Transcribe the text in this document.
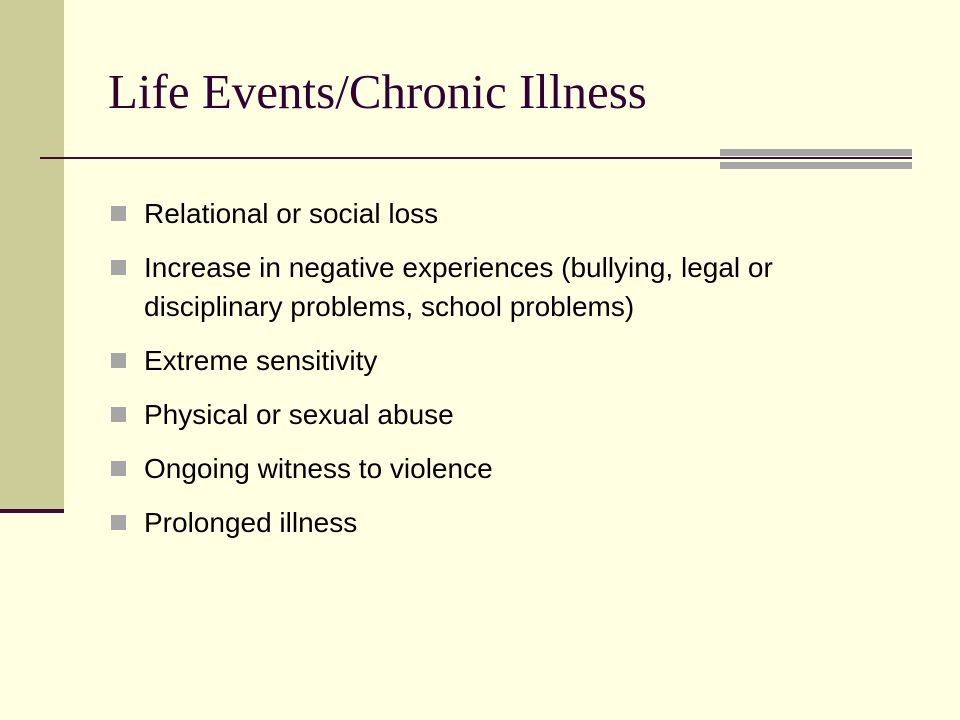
Life Events/Chronic Illness
Relational or social loss
Increase in negative experiences (bullying, legal or disciplinary problems, school problems)
Extreme sensitivity
Physical or sexual abuse
Ongoing witness to violence
Prolonged illness
